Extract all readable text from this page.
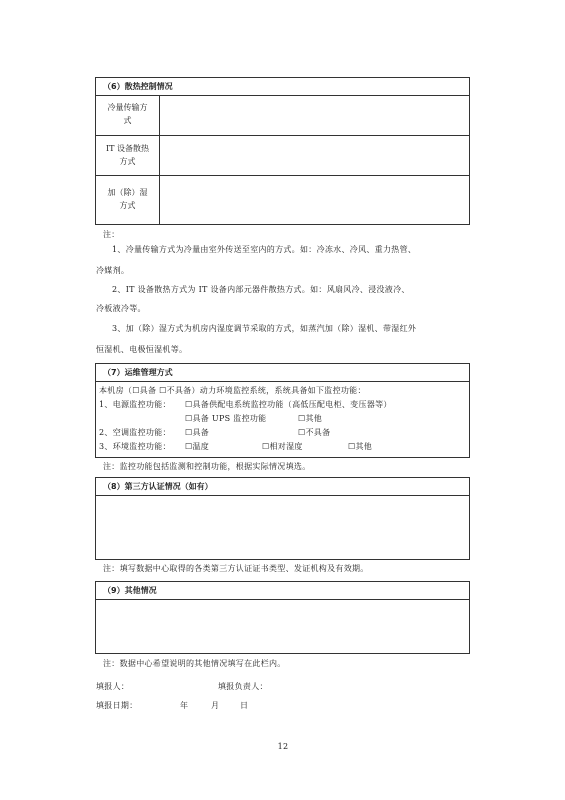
（6）散热控制情况
冷量传输方
式
IT 设备散热
方式
加（除）湿
方式
注：
1、冷量传输方式为冷量由室外传送至室内的方式。如：冷冻水、冷风、重力热管、
冷媒剂。
2、IT 设备散热方式为 IT 设备内部元器件散热方式。如：风扇风冷、浸没液冷、
冷板液冷等。
3、加（除）湿方式为机房内湿度调节采取的方式，如蒸汽加（除）湿机、带湿红外
恒湿机、电极恒湿机等。
（7）运维管理方式
本机房（☐具备 ☐不具备）动力环境监控系统，系统具备如下监控功能：
1、电源监控功能： ☐	具备供配电系统监控功能（高低压配电柜、变压器等）
☐ 具备 UPS 监控功能 ☐	其他
2、空调监控功能： ☐	具备 ☐	不具备
3、环境监控功能： ☐	温度 ☐	相对湿度 ☐	其他
注：监控功能包括监测和控制功能，根据实际情况填选。
（8）第三方认证情况（如有）
注：填写数据中心取得的各类第三方认证证书类型、发证机构及有效期。
（9）其他情况
注：数据中心希望说明的其他情况填写在此栏内。
填报人：	填报负责人：
填报日期：	年	月	日
12
